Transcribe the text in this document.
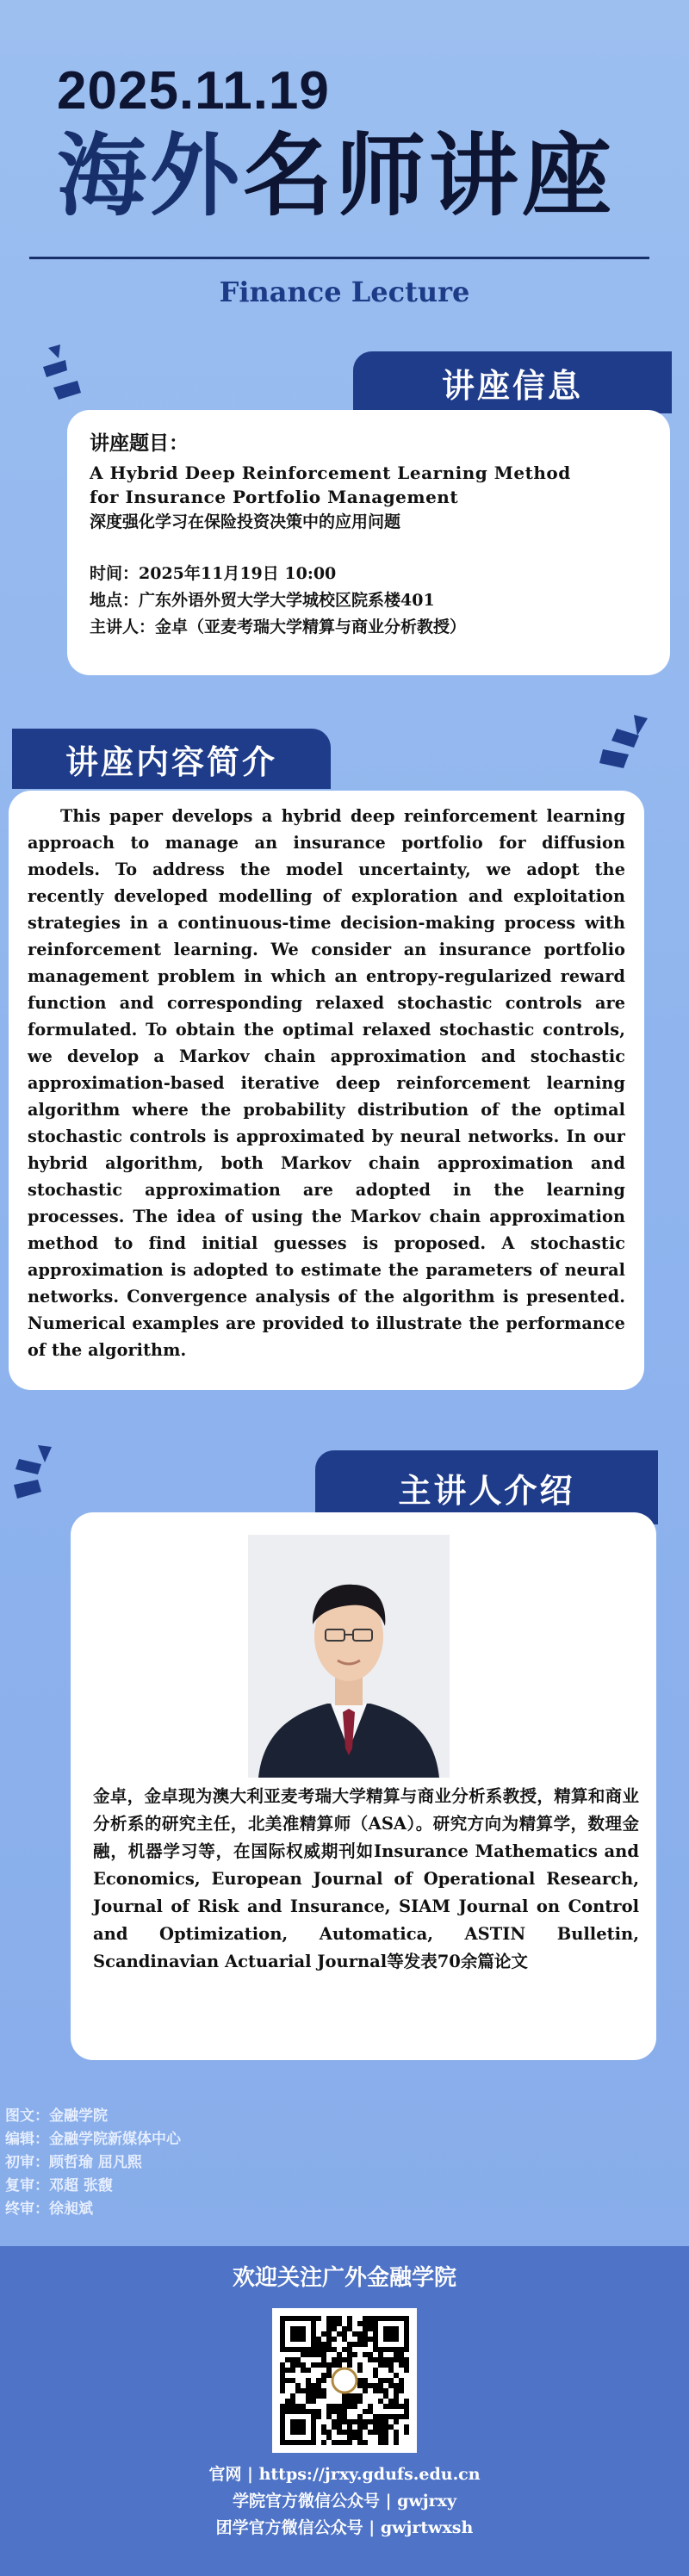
2025.11.19
海外名师讲座
Finance Lecture
讲座信息
讲座题目：
A Hybrid Deep Reinforcement Learning Method
for Insurance Portfolio Management
深度强化学习在保险投资决策中的应用问题
时间：2025年11月19日 10:00
地点：广东外语外贸大学大学城校区院系楼401
主讲人：金卓（亚麦考瑞大学精算与商业分析教授）
讲座内容简介

This paper develops a hybrid deep reinforcement learning approach to manage an insurance portfolio for diffusion models. To address the model uncertainty, we adopt the recently developed modelling of exploration and exploitation strategies in a continuous-time decision-making process with reinforcement learning. We consider an insurance portfolio management problem in which an entropy-regularized reward function and corresponding relaxed stochastic controls are formulated. To obtain the optimal relaxed stochastic controls, we develop a Markov chain approximation and stochastic approximation-based iterative deep reinforcement learning algorithm where the probability distribution of the optimal stochastic controls is approximated by neural networks. In our hybrid algorithm, both Markov chain approximation and stochastic approximation are adopted in the learning processes. The idea of using the Markov chain approximation method to find initial guesses is proposed. A stochastic approximation is adopted to estimate the parameters of neural networks. Convergence analysis of the algorithm is presented. Numerical examples are provided to illustrate the performance of the algorithm.

主讲人介绍
金卓，金卓现为澳大利亚麦考瑞大学精算与商业分析系教授，精算和商业分析系的研究主任，北美准精算师（ASA）。研究方向为精算学，数理金融，机器学习等，在国际权威期刊如Insurance Mathematics and Economics, European Journal of Operational Research, Journal of Risk and Insurance, SIAM Journal on Control and Optimization, Automatica, ASTIN Bulletin, Scandinavian Actuarial Journal等发表70余篇论文
图文：金融学院
编辑：金融学院新媒体中心
初审：顾哲瑜 屈凡熙
复审：邓超 张馥
终审：徐昶斌
欢迎关注广外金融学院
官网 | https://jrxy.gdufs.edu.cn
学院官方微信公众号 | gwjrxy
团学官方微信公众号 | gwjrtwxsh
